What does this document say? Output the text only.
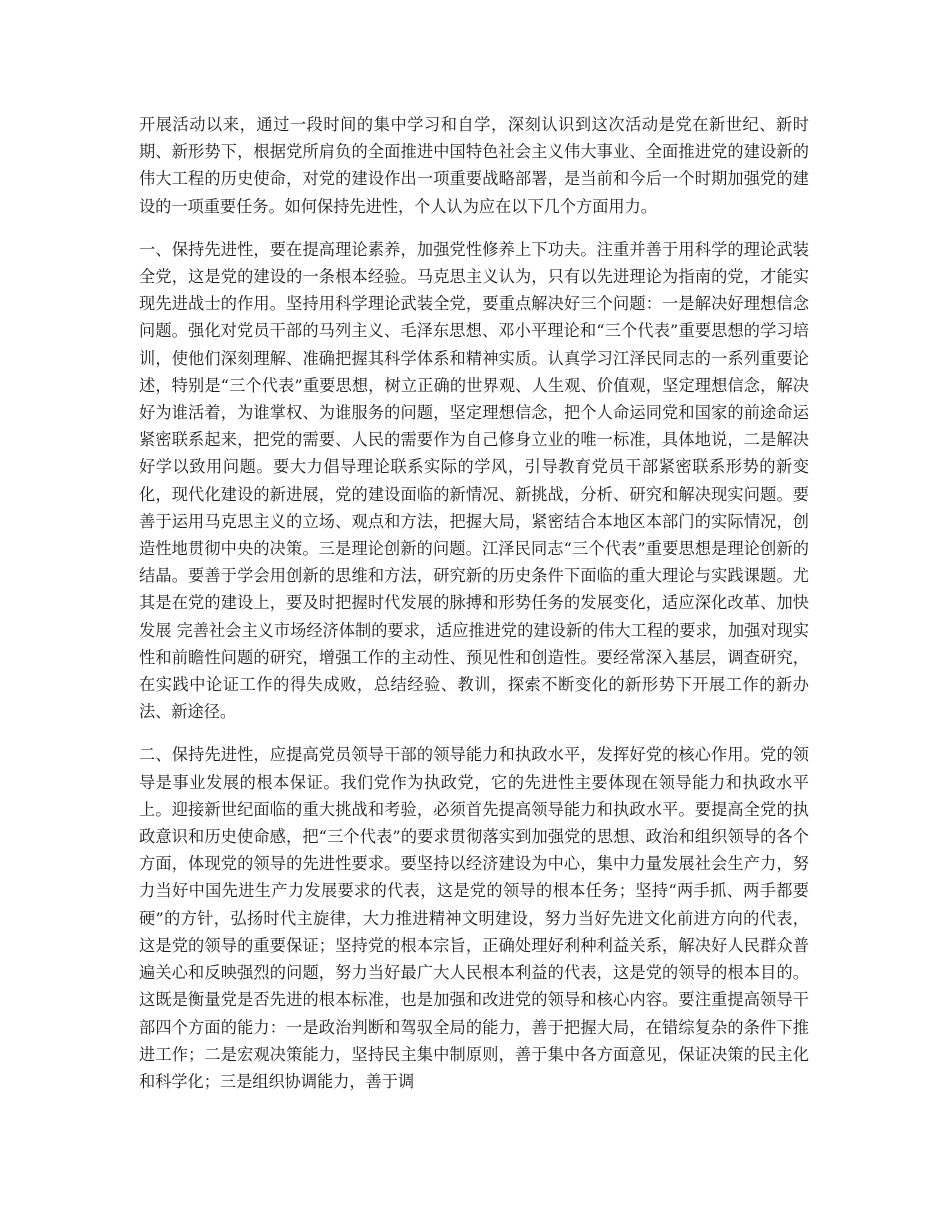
开展活动以来，通过一段时间的集中学习和自学，深刻认识到这次活动是党在新世纪、新时期、新形势下，根据党所肩负的全面推进中国特色社会主义伟大事业、全面推进党的建设新的伟大工程的历史使命，对党的建设作出一项重要战略部署，是当前和今后一个时期加强党的建设的一项重要任务。如何保持先进性，个人认为应在以下几个方面用力。

一、保持先进性，要在提高理论素养，加强党性修养上下功夫。注重并善于用科学的理论武装全党，这是党的建设的一条根本经验。马克思主义认为，只有以先进理论为指南的党，才能实现先进战士的作用。坚持用科学理论武装全党，要重点解决好三个问题：一是解决好理想信念问题。强化对党员干部的马列主义、毛泽东思想、邓小平理论和“三个代表”重要思想的学习培训，使他们深刻理解、准确把握其科学体系和精神实质。认真学习江泽民同志的一系列重要论述，特别是“三个代表”重要思想，树立正确的世界观、人生观、价值观，坚定理想信念，解决好为谁活着，为谁掌权、为谁服务的问题，坚定理想信念，把个人命运同党和国家的前途命运紧密联系起来，把党的需要、人民的需要作为自己修身立业的唯一标准，具体地说，二是解决好学以致用问题。要大力倡导理论联系实际的学风，引导教育党员干部紧密联系形势的新变化，现代化建设的新进展，党的建设面临的新情况、新挑战，分析、研究和解决现实问题。要善于运用马克思主义的立场、观点和方法，把握大局，紧密结合本地区本部门的实际情况，创造性地贯彻中央的决策。三是理论创新的问题。江泽民同志“三个代表”重要思想是理论创新的结晶。要善于学会用创新的思维和方法，研究新的历史条件下面临的重大理论与实践课题。尤其是在党的建设上，要及时把握时代发展的脉搏和形势任务的发展变化，适应深化改革、加快发展 完善社会主义市场经济体制的要求，适应推进党的建设新的伟大工程的要求，加强对现实性和前瞻性问题的研究，增强工作的主动性、预见性和创造性。要经常深入基层，调查研究，在实践中论证工作的得失成败，总结经验、教训，探索不断变化的新形势下开展工作的新办法、新途径。

二、保持先进性，应提高党员领导干部的领导能力和执政水平，发挥好党的核心作用。党的领导是事业发展的根本保证。我们党作为执政党，它的先进性主要体现在领导能力和执政水平上。迎接新世纪面临的重大挑战和考验，必须首先提高领导能力和执政水平。要提高全党的执政意识和历史使命感，把“三个代表”的要求贯彻落实到加强党的思想、政治和组织领导的各个方面，体现党的领导的先进性要求。要坚持以经济建设为中心，集中力量发展社会生产力，努力当好中国先进生产力发展要求的代表，这是党的领导的根本任务；坚持“两手抓、两手都要硬”的方针，弘扬时代主旋律，大力推进精神文明建设，努力当好先进文化前进方向的代表，这是党的领导的重要保证；坚持党的根本宗旨，正确处理好利种利益关系，解决好人民群众普遍关心和反映强烈的问题，努力当好最广大人民根本利益的代表，这是党的领导的根本目的。这既是衡量党是否先进的根本标准，也是加强和改进党的领导和核心内容。要注重提高领导干部四个方面的能力：一是政治判断和驾驭全局的能力，善于把握大局，在错综复杂的条件下推进工作；二是宏观决策能力，坚持民主集中制原则，善于集中各方面意见，保证决策的民主化和科学化；三是组织协调能力，善于调
